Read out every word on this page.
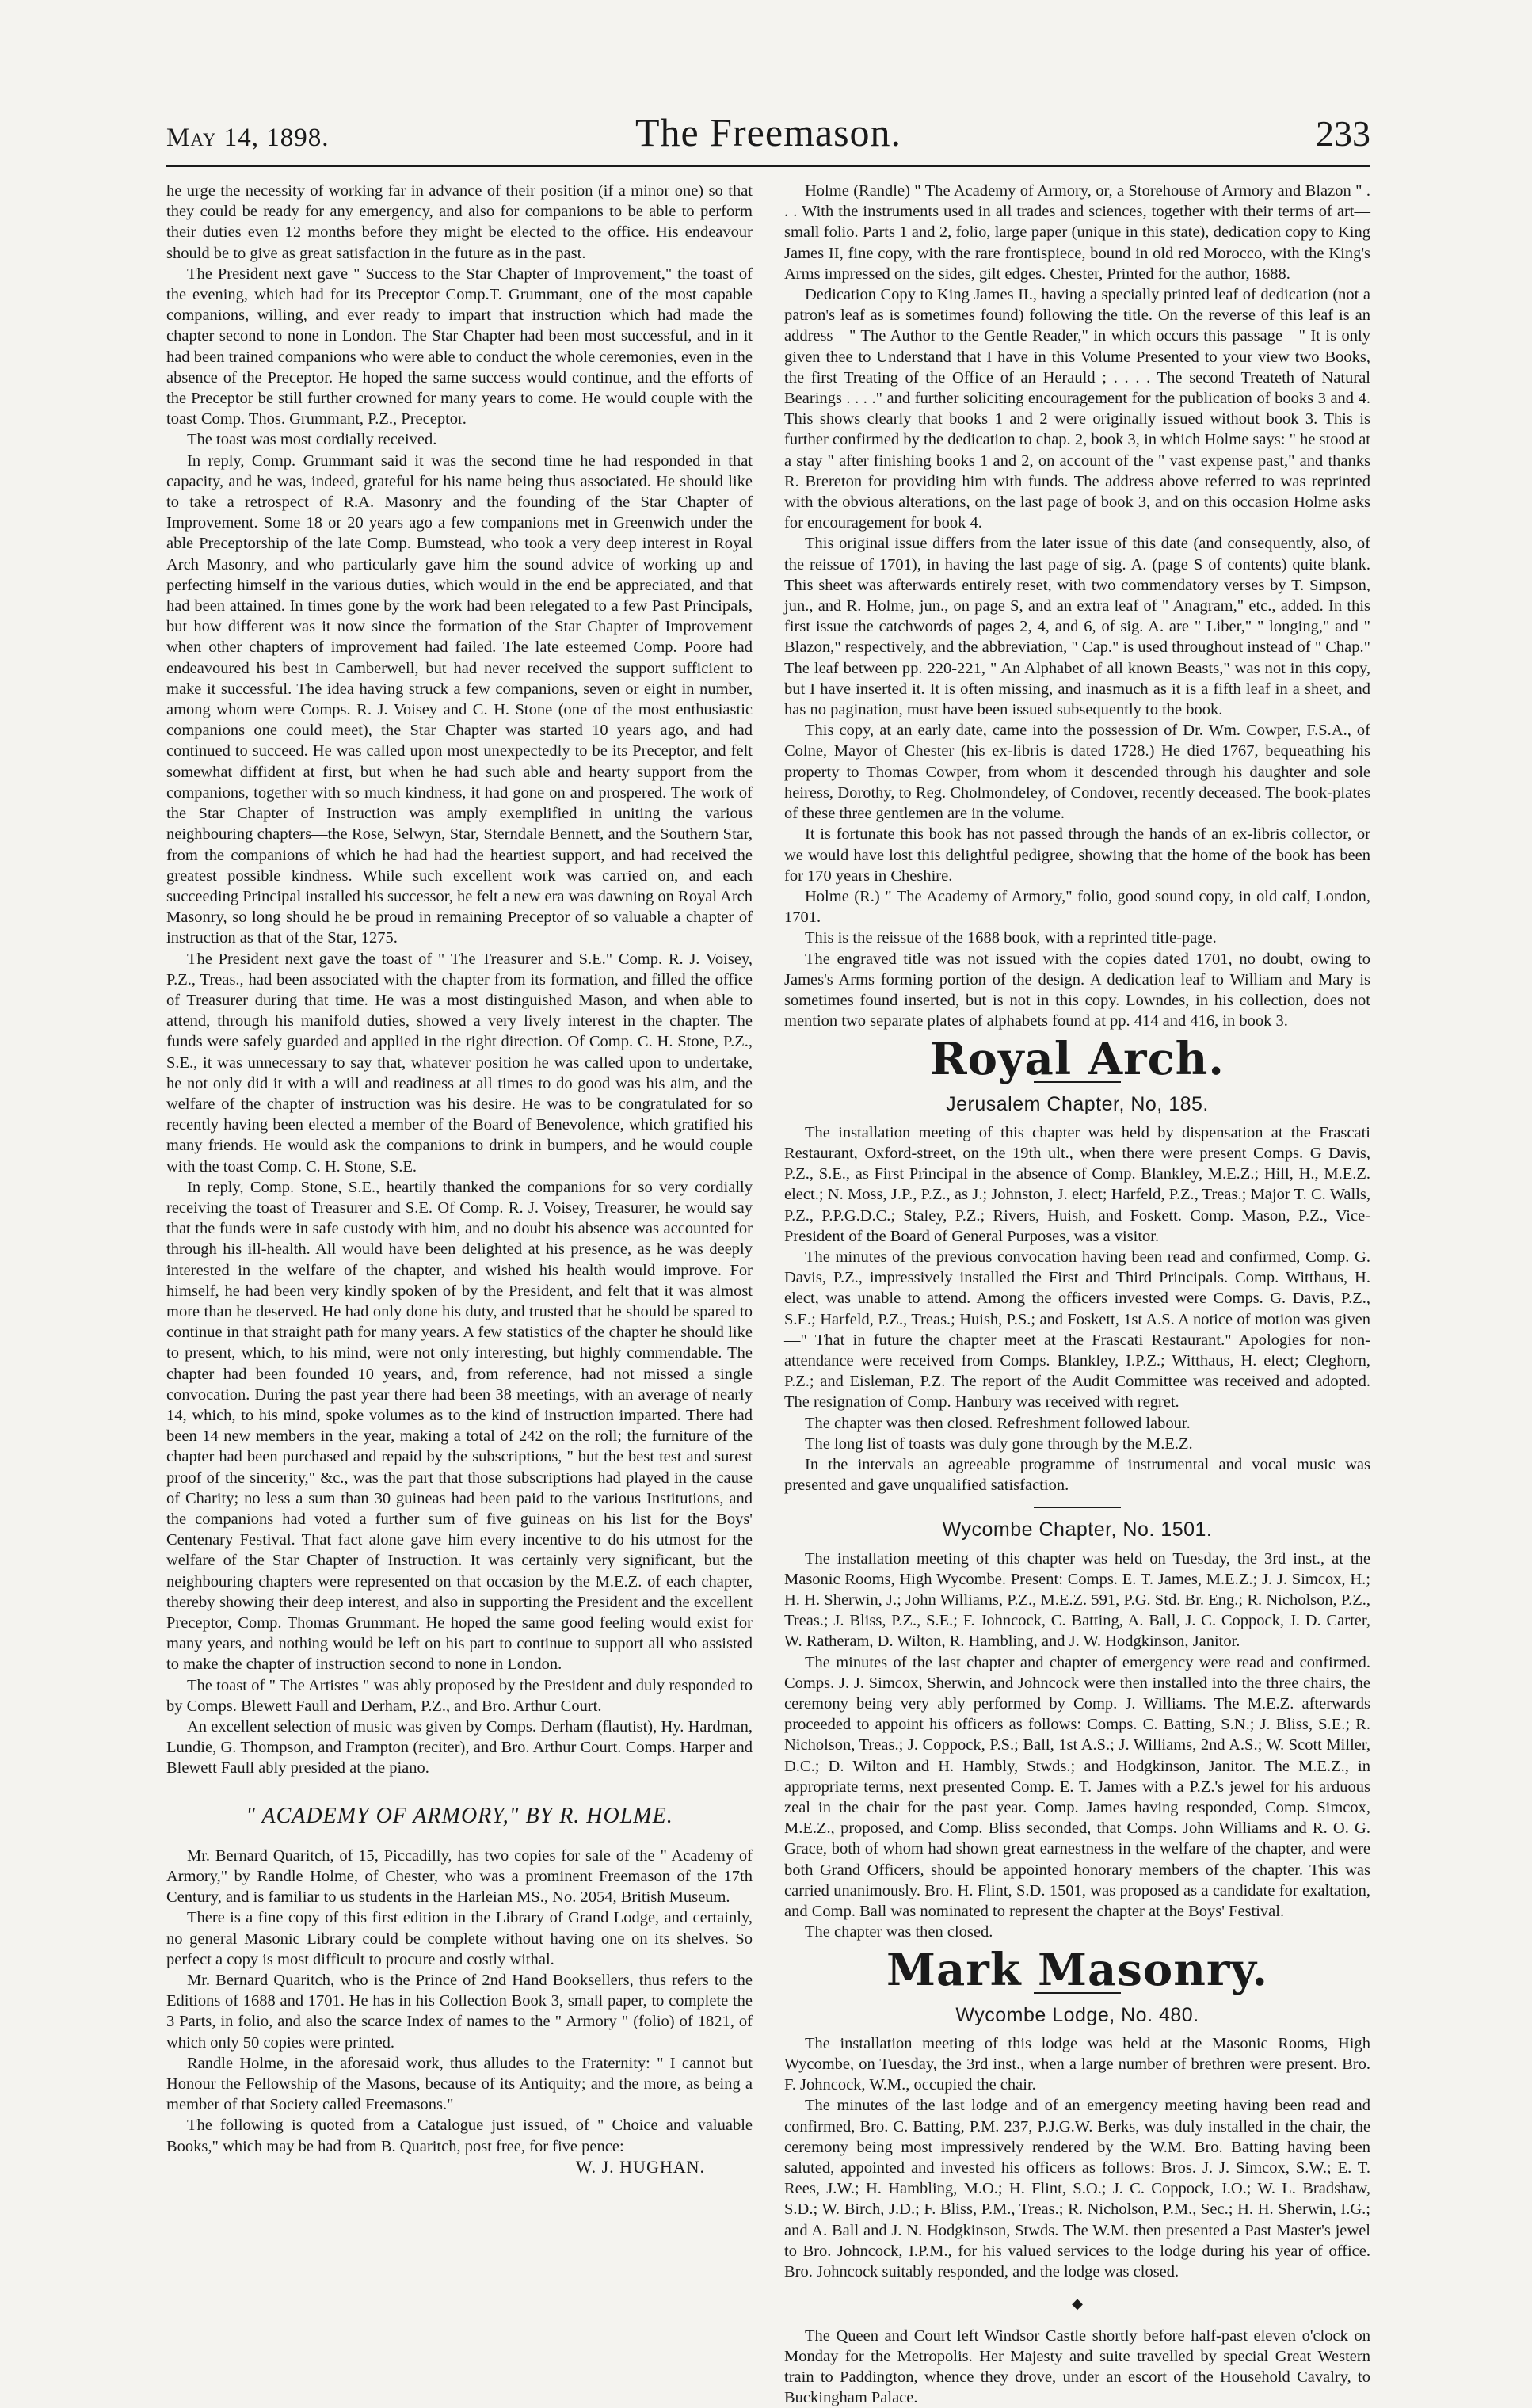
May 14, 1898.	The Freemason.	233

he urge the necessity of working far in advance of their position (if a minor one) so that they could be ready for any emergency, and also for companions to be able to perform their duties even 12 months before they might be elected to the office. His endeavour should be to give as great satisfaction in the future as in the past.

The President next gave " Success to the Star Chapter of Improvement," the toast of the evening, which had for its Preceptor Comp.T. Grummant, one of the most capable companions, willing, and ever ready to impart that instruction which had made the chapter second to none in London. The Star Chapter had been most successful, and in it had been trained companions who were able to conduct the whole ceremonies, even in the absence of the Preceptor. He hoped the same success would continue, and the efforts of the Preceptor be still further crowned for many years to come. He would couple with the toast Comp. Thos. Grummant, P.Z., Preceptor.

The toast was most cordially received.

In reply, Comp. Grummant said it was the second time he had responded in that capacity, and he was, indeed, grateful for his name being thus associated. He should like to take a retrospect of R.A. Masonry and the founding of the Star Chapter of Improvement. Some 18 or 20 years ago a few companions met in Greenwich under the able Preceptorship of the late Comp. Bumstead, who took a very deep interest in Royal Arch Masonry, and who particularly gave him the sound advice of working up and perfecting himself in the various duties, which would in the end be appreciated, and that had been attained. In times gone by the work had been relegated to a few Past Principals, but how different was it now since the formation of the Star Chapter of Improvement when other chapters of improvement had failed. The late esteemed Comp. Poore had endeavoured his best in Camberwell, but had never received the support sufficient to make it successful. The idea having struck a few companions, seven or eight in number, among whom were Comps. R. J. Voisey and C. H. Stone (one of the most enthusiastic companions one could meet), the Star Chapter was started 10 years ago, and had continued to succeed. He was called upon most unexpectedly to be its Preceptor, and felt somewhat diffident at first, but when he had such able and hearty support from the companions, together with so much kindness, it had gone on and prospered. The work of the Star Chapter of Instruction was amply exemplified in uniting the various neighbouring chapters—the Rose, Selwyn, Star, Sterndale Bennett, and the Southern Star, from the companions of which he had had the heartiest support, and had received the greatest possible kindness. While such excellent work was carried on, and each succeeding Principal installed his successor, he felt a new era was dawning on Royal Arch Masonry, so long should he be proud in remaining Preceptor of so valuable a chapter of instruction as that of the Star, 1275.

The President next gave the toast of " The Treasurer and S.E." Comp. R. J. Voisey, P.Z., Treas., had been associated with the chapter from its formation, and filled the office of Treasurer during that time. He was a most distinguished Mason, and when able to attend, through his manifold duties, showed a very lively interest in the chapter. The funds were safely guarded and applied in the right direction. Of Comp. C. H. Stone, P.Z., S.E., it was unnecessary to say that, whatever position he was called upon to undertake, he not only did it with a will and readiness at all times to do good was his aim, and the welfare of the chapter of instruction was his desire. He was to be congratulated for so recently having been elected a member of the Board of Benevolence, which gratified his many friends. He would ask the companions to drink in bumpers, and he would couple with the toast Comp. C. H. Stone, S.E.

In reply, Comp. Stone, S.E., heartily thanked the companions for so very cordially receiving the toast of Treasurer and S.E. Of Comp. R. J. Voisey, Treasurer, he would say that the funds were in safe custody with him, and no doubt his absence was accounted for through his ill-health. All would have been delighted at his presence, as he was deeply interested in the welfare of the chapter, and wished his health would improve. For himself, he had been very kindly spoken of by the President, and felt that it was almost more than he deserved. He had only done his duty, and trusted that he should be spared to continue in that straight path for many years. A few statistics of the chapter he should like to present, which, to his mind, were not only interesting, but highly commendable. The chapter had been founded 10 years, and, from reference, had not missed a single convocation. During the past year there had been 38 meetings, with an average of nearly 14, which, to his mind, spoke volumes as to the kind of instruction imparted. There had been 14 new members in the year, making a total of 242 on the roll; the furniture of the chapter had been purchased and repaid by the subscriptions, " but the best test and surest proof of the sincerity," &c., was the part that those subscriptions had played in the cause of Charity; no less a sum than 30 guineas had been paid to the various Institutions, and the companions had voted a further sum of five guineas on his list for the Boys' Centenary Festival. That fact alone gave him every incentive to do his utmost for the welfare of the Star Chapter of Instruction. It was certainly very significant, but the neighbouring chapters were represented on that occasion by the M.E.Z. of each chapter, thereby showing their deep interest, and also in supporting the President and the excellent Preceptor, Comp. Thomas Grummant. He hoped the same good feeling would exist for many years, and nothing would be left on his part to continue to support all who assisted to make the chapter of instruction second to none in London.

The toast of " The Artistes " was ably proposed by the President and duly responded to by Comps. Blewett Faull and Derham, P.Z., and Bro. Arthur Court.

An excellent selection of music was given by Comps. Derham (flautist), Hy. Hardman, Lundie, G. Thompson, and Frampton (reciter), and Bro. Arthur Court. Comps. Harper and Blewett Faull ably presided at the piano.

" ACADEMY OF ARMORY," BY R. HOLME.

Mr. Bernard Quaritch, of 15, Piccadilly, has two copies for sale of the " Academy of Armory," by Randle Holme, of Chester, who was a prominent Freemason of the 17th Century, and is familiar to us students in the Harleian MS., No. 2054, British Museum.

There is a fine copy of this first edition in the Library of Grand Lodge, and certainly, no general Masonic Library could be complete without having one on its shelves. So perfect a copy is most difficult to procure and costly withal.

Mr. Bernard Quaritch, who is the Prince of 2nd Hand Booksellers, thus refers to the Editions of 1688 and 1701. He has in his Collection Book 3, small paper, to complete the 3 Parts, in folio, and also the scarce Index of names to the " Armory " (folio) of 1821, of which only 50 copies were printed.

Randle Holme, in the aforesaid work, thus alludes to the Fraternity: " I cannot but Honour the Fellowship of the Masons, because of its Antiquity; and the more, as being a member of that Society called Freemasons."

The following is quoted from a Catalogue just issued, of " Choice and valuable Books," which may be had from B. Quaritch, post free, for five pence:

W. J. HUGHAN.

Holme (Randle) " The Academy of Armory, or, a Storehouse of Armory and Blazon " . . . With the instruments used in all trades and sciences, together with their terms of art—small folio. Parts 1 and 2, folio, large paper (unique in this state), dedication copy to King James II, fine copy, with the rare frontispiece, bound in old red Morocco, with the King's Arms impressed on the sides, gilt edges. Chester, Printed for the author, 1688.

Dedication Copy to King James II., having a specially printed leaf of dedication (not a patron's leaf as is sometimes found) following the title. On the reverse of this leaf is an address—" The Author to the Gentle Reader," in which occurs this passage—" It is only given thee to Understand that I have in this Volume Presented to your view two Books, the first Treating of the Office of an Herauld ; . . . . The second Treateth of Natural Bearings . . . ." and further soliciting encouragement for the publication of books 3 and 4. This shows clearly that books 1 and 2 were originally issued without book 3. This is further confirmed by the dedication to chap. 2, book 3, in which Holme says: " he stood at a stay " after finishing books 1 and 2, on account of the " vast expense past," and thanks R. Brereton for providing him with funds. The address above referred to was reprinted with the obvious alterations, on the last page of book 3, and on this occasion Holme asks for encouragement for book 4.

This original issue differs from the later issue of this date (and consequently, also, of the reissue of 1701), in having the last page of sig. A. (page S of contents) quite blank. This sheet was afterwards entirely reset, with two commendatory verses by T. Simpson, jun., and R. Holme, jun., on page S, and an extra leaf of " Anagram," etc., added. In this first issue the catchwords of pages 2, 4, and 6, of sig. A. are " Liber," " longing," and " Blazon," respectively, and the abbreviation, " Cap." is used throughout instead of " Chap." The leaf between pp. 220-221, " An Alphabet of all known Beasts," was not in this copy, but I have inserted it. It is often missing, and inasmuch as it is a fifth leaf in a sheet, and has no pagination, must have been issued subsequently to the book.

This copy, at an early date, came into the possession of Dr. Wm. Cowper, F.S.A., of Colne, Mayor of Chester (his ex-libris is dated 1728.) He died 1767, bequeathing his property to Thomas Cowper, from whom it descended through his daughter and sole heiress, Dorothy, to Reg. Cholmondeley, of Condover, recently deceased. The book-plates of these three gentlemen are in the volume.

It is fortunate this book has not passed through the hands of an ex-libris collector, or we would have lost this delightful pedigree, showing that the home of the book has been for 170 years in Cheshire.

Holme (R.) " The Academy of Armory," folio, good sound copy, in old calf, London, 1701.

This is the reissue of the 1688 book, with a reprinted title-page.

The engraved title was not issued with the copies dated 1701, no doubt, owing to James's Arms forming portion of the design. A dedication leaf to William and Mary is sometimes found inserted, but is not in this copy. Lowndes, in his collection, does not mention two separate plates of alphabets found at pp. 414 and 416, in book 3.

Royal Arch.
Jerusalem Chapter, No, 185.

The installation meeting of this chapter was held by dispensation at the Frascati Restaurant, Oxford-street, on the 19th ult., when there were present Comps. G Davis, P.Z., S.E., as First Principal in the absence of Comp. Blankley, M.E.Z.; Hill, H., M.E.Z. elect.; N. Moss, J.P., P.Z., as J.; Johnston, J. elect; Harfeld, P.Z., Treas.; Major T. C. Walls, P.Z., P.P.G.D.C.; Staley, P.Z.; Rivers, Huish, and Foskett. Comp. Mason, P.Z., Vice-President of the Board of General Purposes, was a visitor.

The minutes of the previous convocation having been read and confirmed, Comp. G. Davis, P.Z., impressively installed the First and Third Principals. Comp. Witthaus, H. elect, was unable to attend. Among the officers invested were Comps. G. Davis, P.Z., S.E.; Harfeld, P.Z., Treas.; Huish, P.S.; and Foskett, 1st A.S. A notice of motion was given—" That in future the chapter meet at the Frascati Restaurant." Apologies for non-attendance were received from Comps. Blankley, I.P.Z.; Witthaus, H. elect; Cleghorn, P.Z.; and Eisleman, P.Z. The report of the Audit Committee was received and adopted. The resignation of Comp. Hanbury was received with regret.

The chapter was then closed. Refreshment followed labour.

The long list of toasts was duly gone through by the M.E.Z.

In the intervals an agreeable programme of instrumental and vocal music was presented and gave unqualified satisfaction.

Wycombe Chapter, No. 1501.

The installation meeting of this chapter was held on Tuesday, the 3rd inst., at the Masonic Rooms, High Wycombe. Present: Comps. E. T. James, M.E.Z.; J. J. Simcox, H.; H. H. Sherwin, J.; John Williams, P.Z., M.E.Z. 591, P.G. Std. Br. Eng.; R. Nicholson, P.Z., Treas.; J. Bliss, P.Z., S.E.; F. Johncock, C. Batting, A. Ball, J. C. Coppock, J. D. Carter, W. Ratheram, D. Wilton, R. Hambling, and J. W. Hodgkinson, Janitor.

The minutes of the last chapter and chapter of emergency were read and confirmed. Comps. J. J. Simcox, Sherwin, and Johncock were then installed into the three chairs, the ceremony being very ably performed by Comp. J. Williams. The M.E.Z. afterwards proceeded to appoint his officers as follows: Comps. C. Batting, S.N.; J. Bliss, S.E.; R. Nicholson, Treas.; J. Coppock, P.S.; Ball, 1st A.S.; J. Williams, 2nd A.S.; W. Scott Miller, D.C.; D. Wilton and H. Hambly, Stwds.; and Hodgkinson, Janitor. The M.E.Z., in appropriate terms, next presented Comp. E. T. James with a P.Z.'s jewel for his arduous zeal in the chair for the past year. Comp. James having responded, Comp. Simcox, M.E.Z., proposed, and Comp. Bliss seconded, that Comps. John Williams and R. O. G. Grace, both of whom had shown great earnestness in the welfare of the chapter, and were both Grand Officers, should be appointed honorary members of the chapter. This was carried unanimously. Bro. H. Flint, S.D. 1501, was proposed as a candidate for exaltation, and Comp. Ball was nominated to represent the chapter at the Boys' Festival.

The chapter was then closed.

Mark Masonry.
Wycombe Lodge, No. 480.

The installation meeting of this lodge was held at the Masonic Rooms, High Wycombe, on Tuesday, the 3rd inst., when a large number of brethren were present. Bro. F. Johncock, W.M., occupied the chair.

The minutes of the last lodge and of an emergency meeting having been read and confirmed, Bro. C. Batting, P.M. 237, P.J.G.W. Berks, was duly installed in the chair, the ceremony being most impressively rendered by the W.M. Bro. Batting having been saluted, appointed and invested his officers as follows: Bros. J. J. Simcox, S.W.; E. T. Rees, J.W.; H. Hambling, M.O.; H. Flint, S.O.; J. C. Coppock, J.O.; W. L. Bradshaw, S.D.; W. Birch, J.D.; F. Bliss, P.M., Treas.; R. Nicholson, P.M., Sec.; H. H. Sherwin, I.G.; and A. Ball and J. N. Hodgkinson, Stwds. The W.M. then presented a Past Master's jewel to Bro. Johncock, I.P.M., for his valued services to the lodge during his year of office. Bro. Johncock suitably responded, and the lodge was closed.

◆

The Queen and Court left Windsor Castle shortly before half-past eleven o'clock on Monday for the Metropolis. Her Majesty and suite travelled by special Great Western train to Paddington, whence they drove, under an escort of the Household Cavalry, to Buckingham Palace.
